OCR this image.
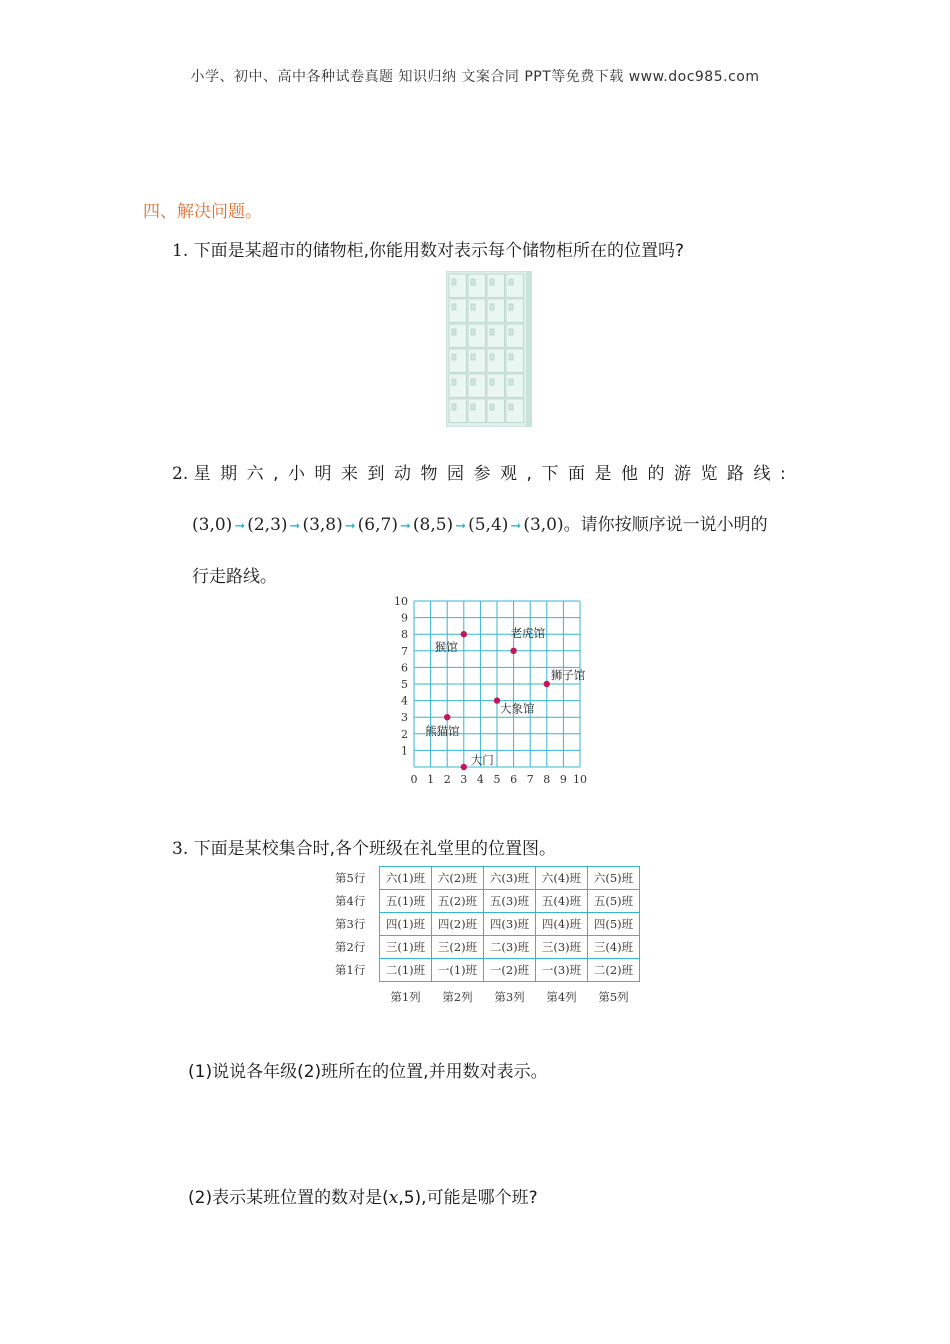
小学、初中、高中各种试卷真题 知识归纳 文案合同 PPT等免费下载 www.doc985.com
四、解决问题。
1. 下面是某超市的储物柜,你能用数对表示每个储物柜所在的位置吗?
2. 星期六,小明来到动物园参观,下面是他的游览路线:
(3,0) ➞ (2,3) ➞ (3,8) ➞ (6,7) ➞ (8,5) ➞ (5,4) ➞ (3,0)。请你按顺序说一说小明的
行走路线。
0 1 2 3 4 5 6 7 8 9 10
1
2
3
4
5
6
7
8
9
10
猴馆
老虎馆
狮子馆
大象馆
熊猫馆
大门
3. 下面是某校集合时,各个班级在礼堂里的位置图。
第5行	六(1)班	六(2)班	六(3)班	六(4)班	六(5)班
第4行	五(1)班	五(2)班	五(3)班	五(4)班	五(5)班
第3行	四(1)班	四(2)班	四(3)班	四(4)班	四(5)班
第2行	三(1)班	三(2)班	二(3)班	三(3)班	三(4)班
第1行	二(1)班	一(1)班	一(2)班	一(3)班	二(2)班
	第1列	第2列	第3列	第4列	第5列
(1)说说各年级(2)班所在的位置,并用数对表示。
(2)表示某班位置的数对是(x,5),可能是哪个班?
